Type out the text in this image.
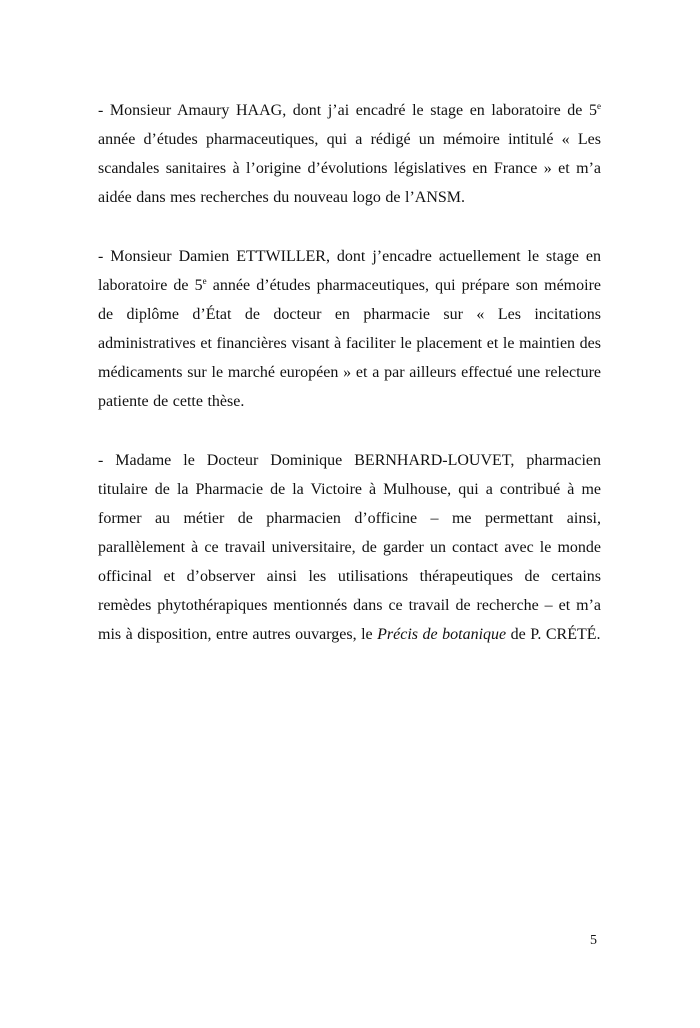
- Monsieur Amaury HAAG, dont j’ai encadré le stage en laboratoire de 5e année d’études pharmaceutiques, qui a rédigé un mémoire intitulé « Les scandales sanitaires à l’origine d’évolutions législatives en France » et m’a aidée dans mes recherches du nouveau logo de l’ANSM.

- Monsieur Damien ETTWILLER, dont j’encadre actuellement le stage en laboratoire de 5e année d’études pharmaceutiques, qui prépare son mémoire de diplôme d’État de docteur en pharmacie sur « Les incitations administratives et financières visant à faciliter le placement et le maintien des médicaments sur le marché européen » et a par ailleurs effectué une relecture patiente de cette thèse.

- Madame le Docteur Dominique BERNHARD-LOUVET, pharmacien titulaire de la Pharmacie de la Victoire à Mulhouse, qui a contribué à me former au métier de pharmacien d’officine – me permettant ainsi, parallèlement à ce travail universitaire, de garder un contact avec le monde officinal et d’observer ainsi les utilisations thérapeutiques de certains remèdes phytothérapiques mentionnés dans ce travail de recherche – et m’a mis à disposition, entre autres ouvarges, le Précis de botanique de P. CRÉTÉ.

5
